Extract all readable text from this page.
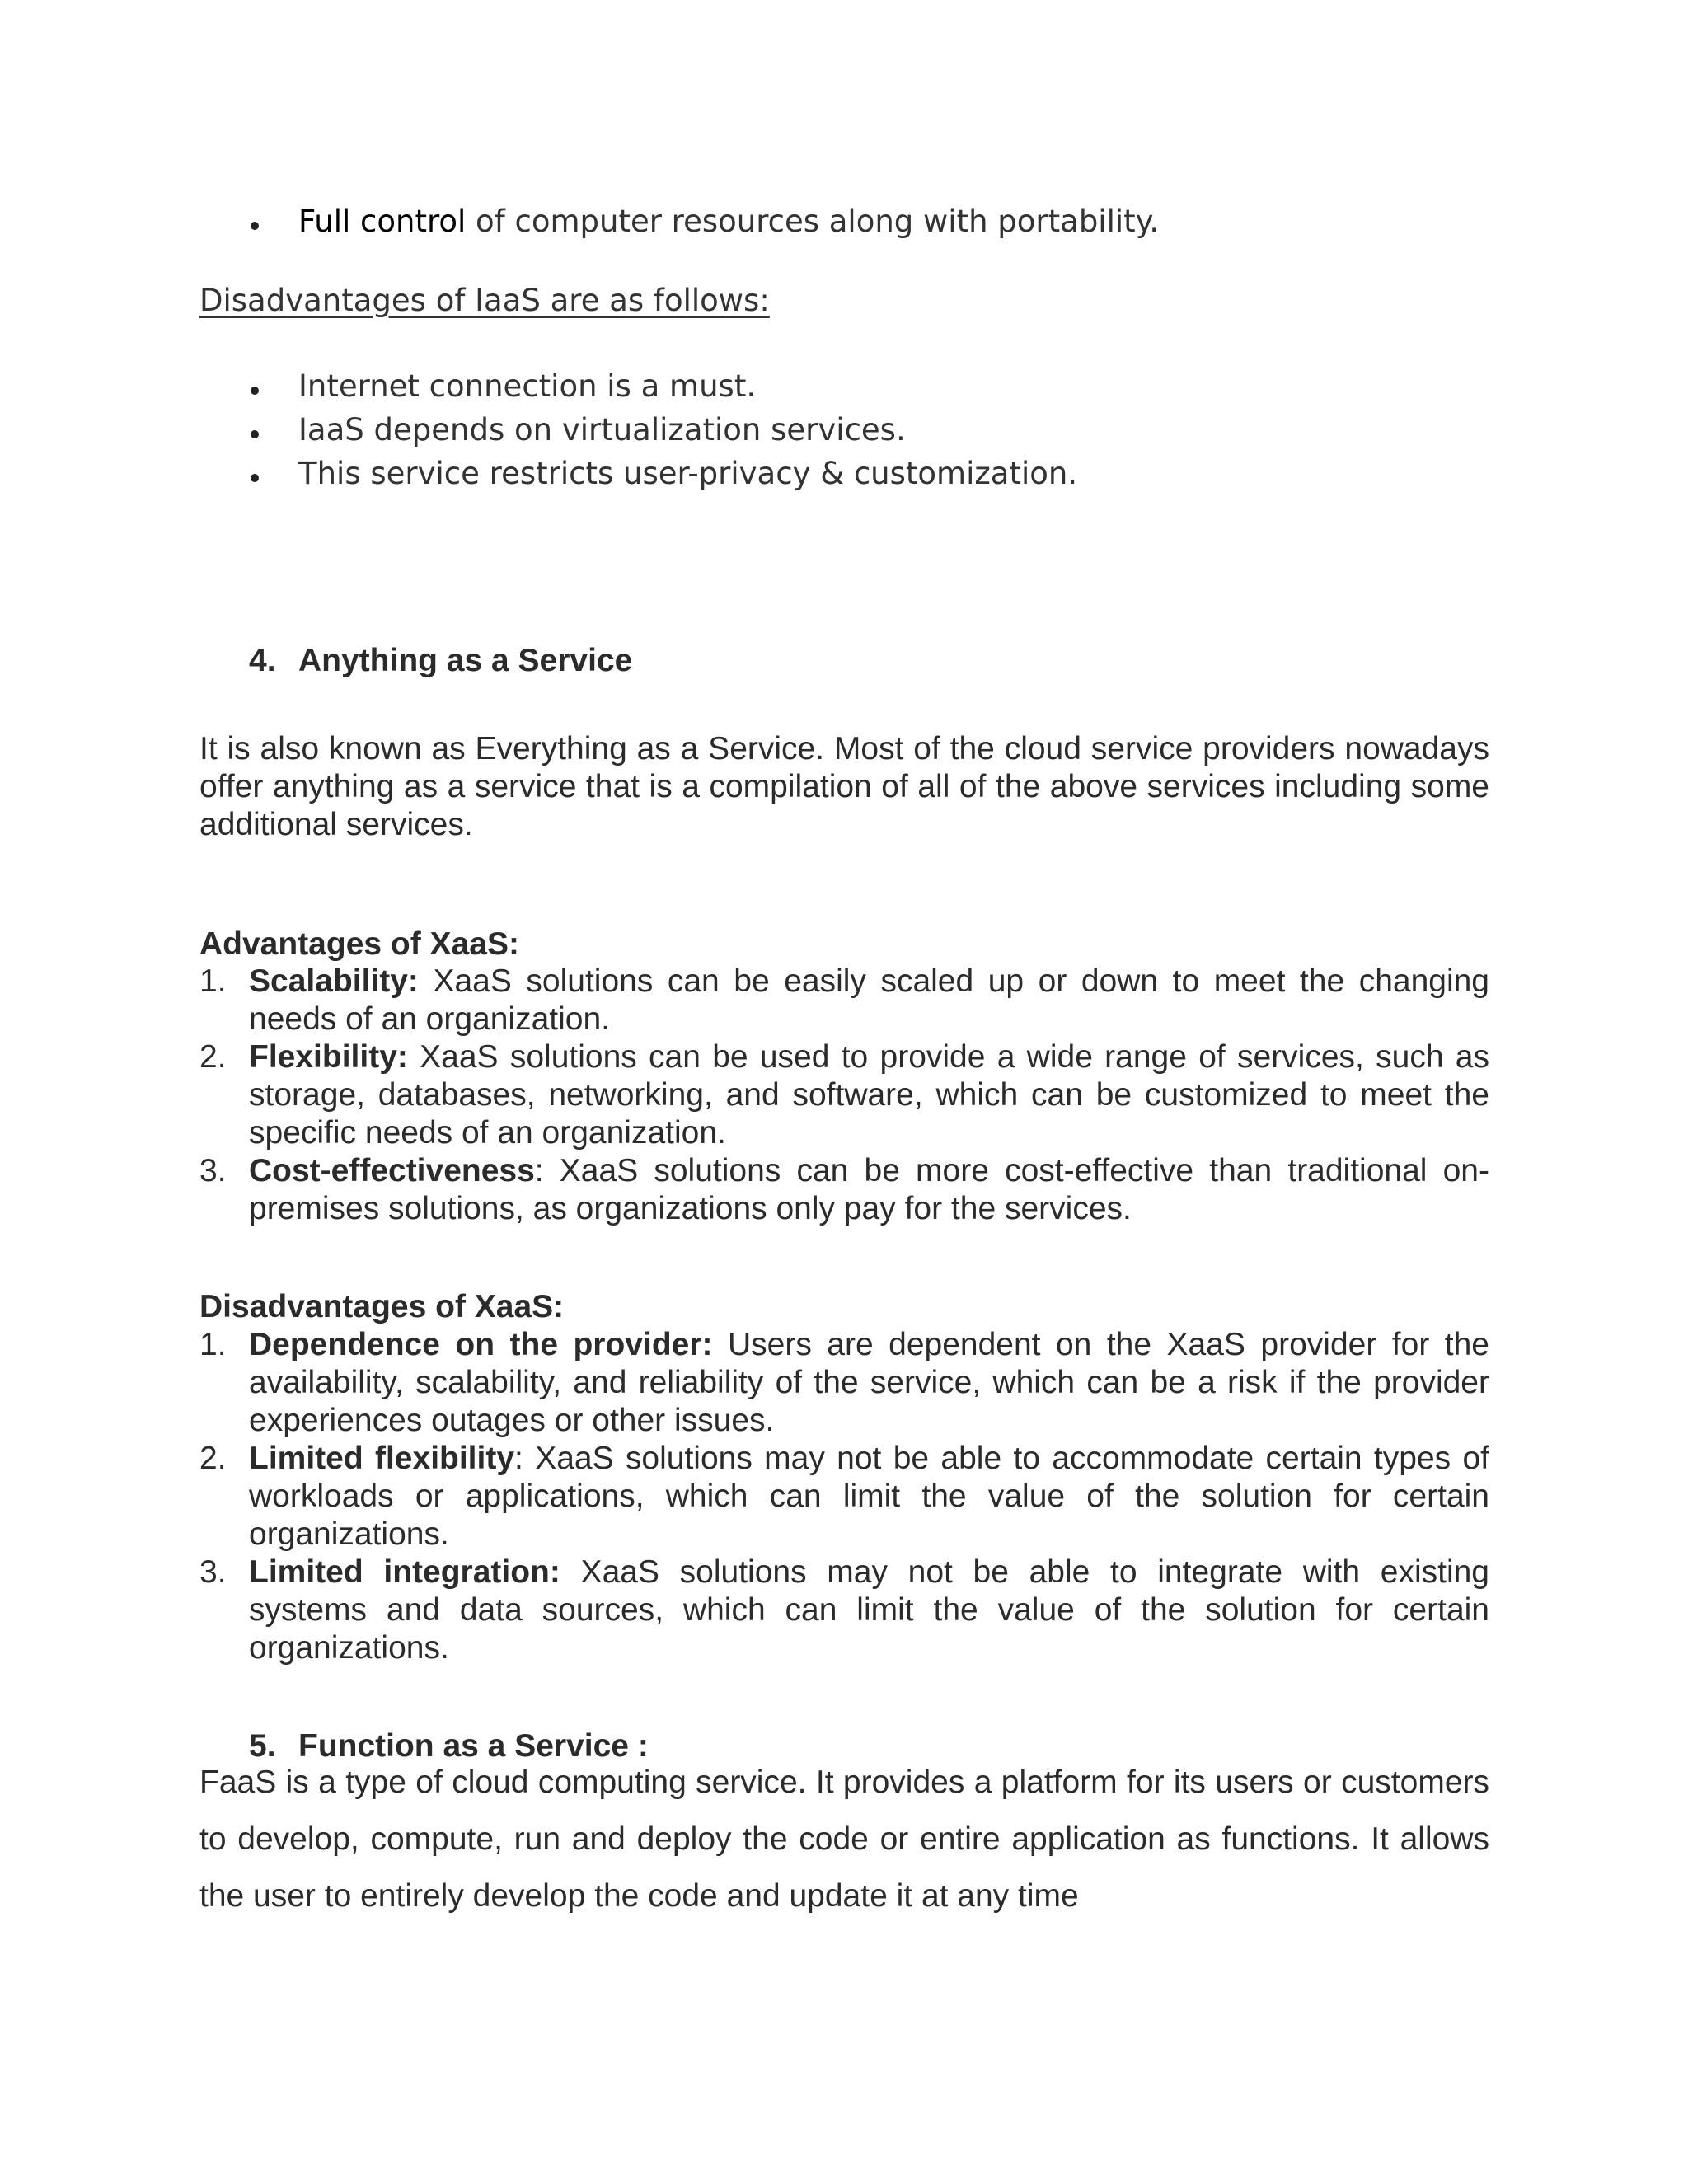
Full control of computer resources along with portability.
Disadvantages of IaaS are as follows:
Internet connection is a must.
IaaS depends on virtualization services.
This service restricts user-privacy & customization.
4. Anything as a Service
It is also known as Everything as a Service. Most of the cloud service providers nowadays offer anything as a service that is a compilation of all of the above services including some additional services.
Advantages of XaaS:
1. Scalability: XaaS solutions can be easily scaled up or down to meet the changing needs of an organization.
2. Flexibility: XaaS solutions can be used to provide a wide range of services, such as storage, databases, networking, and software, which can be customized to meet the specific needs of an organization.
3. Cost-effectiveness: XaaS solutions can be more cost-effective than traditional on-premises solutions, as organizations only pay for the services.
Disadvantages of XaaS:
1. Dependence on the provider: Users are dependent on the XaaS provider for the availability, scalability, and reliability of the service, which can be a risk if the provider experiences outages or other issues.
2. Limited flexibility: XaaS solutions may not be able to accommodate certain types of workloads or applications, which can limit the value of the solution for certain organizations.
3. Limited integration: XaaS solutions may not be able to integrate with existing systems and data sources, which can limit the value of the solution for certain organizations.
5. Function as a Service :
FaaS is a type of cloud computing service. It provides a platform for its users or customers to develop, compute, run and deploy the code or entire application as functions. It allows the user to entirely develop the code and update it at any time
